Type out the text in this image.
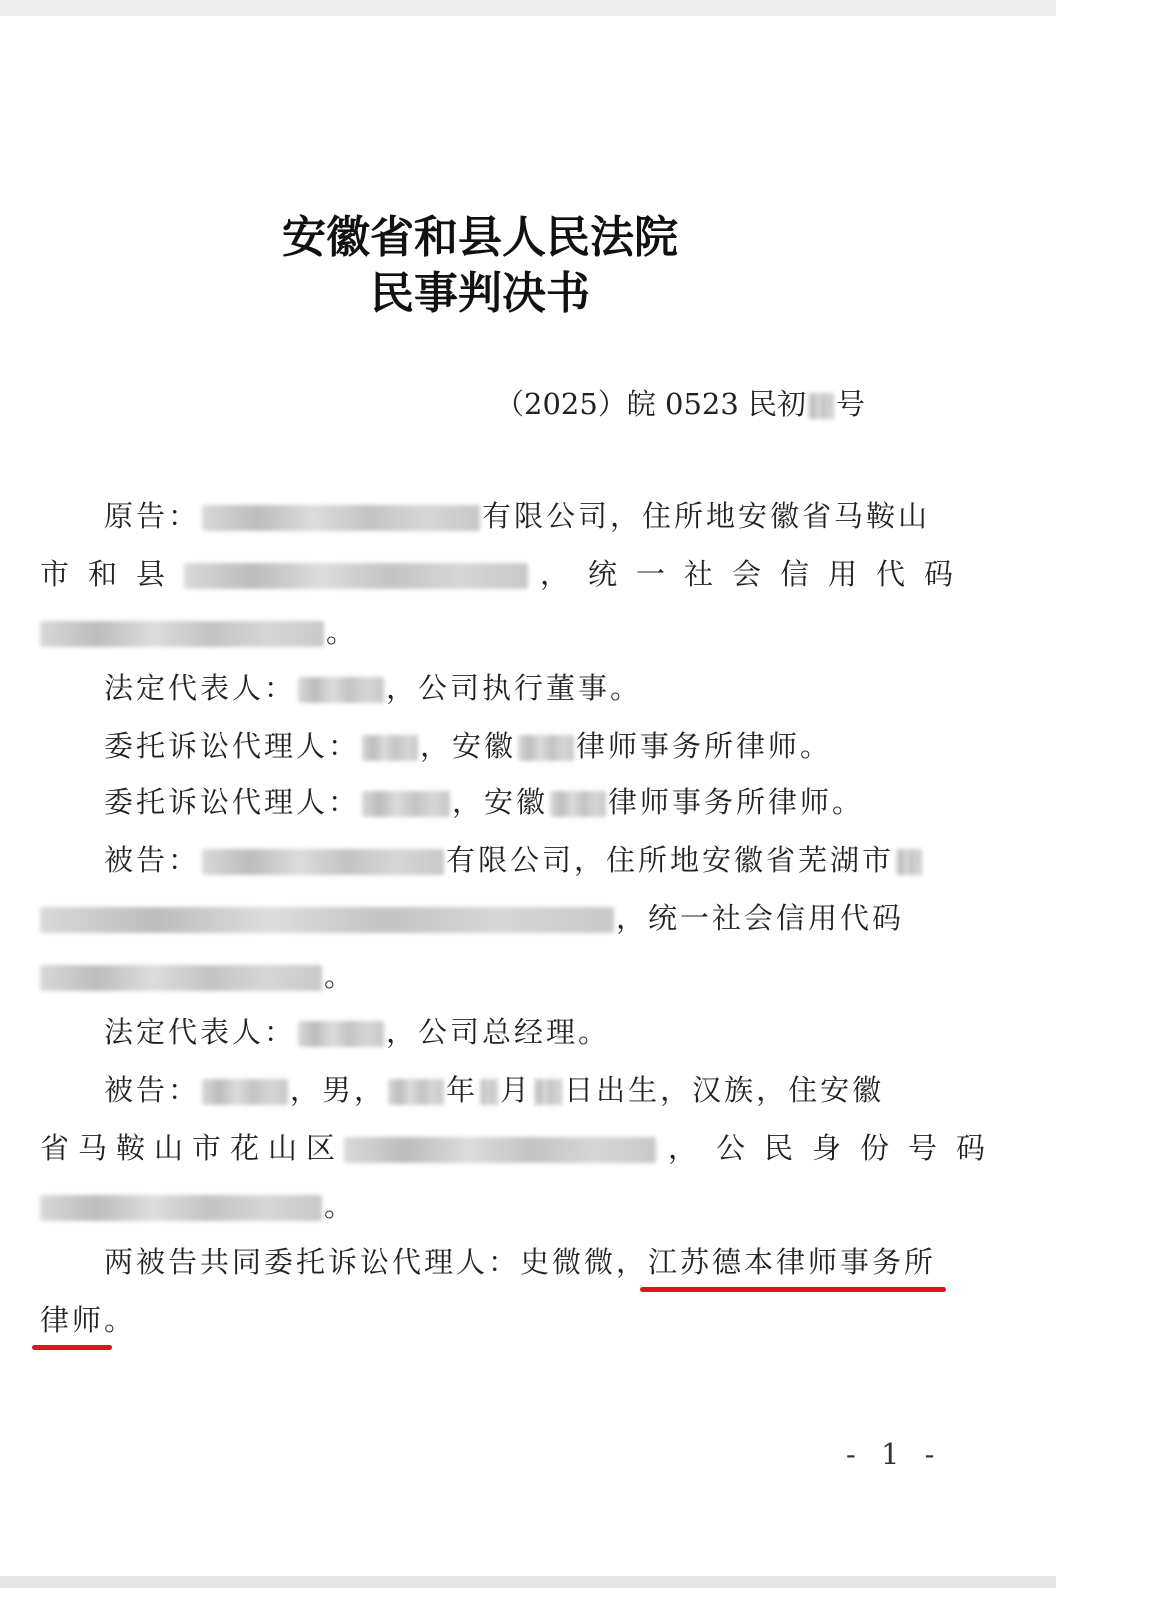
安徽省和县人民法院
民事判决书
（2025）皖 0523 民初 号
原告：	有限公司，住所地安徽省马鞍山
市和县	，统一社会信用代码
。
法定代表人：	，公司执行董事。
委托诉讼代理人： ，安徽 律师事务所律师。
委托诉讼代理人：	，安徽 律师事务所律师。
被告：	有限公司，住所地安徽省芜湖市
，统一社会信用代码
。
法定代表人：	，公司总经理。
被告：	，男， 年 月 日出生，汉族，住安徽
省马鞍山市花山区	，公民身份号码
。
两被告共同委托诉讼代理人：史微微，江苏德本律师事务所
律师。
- 1 -
